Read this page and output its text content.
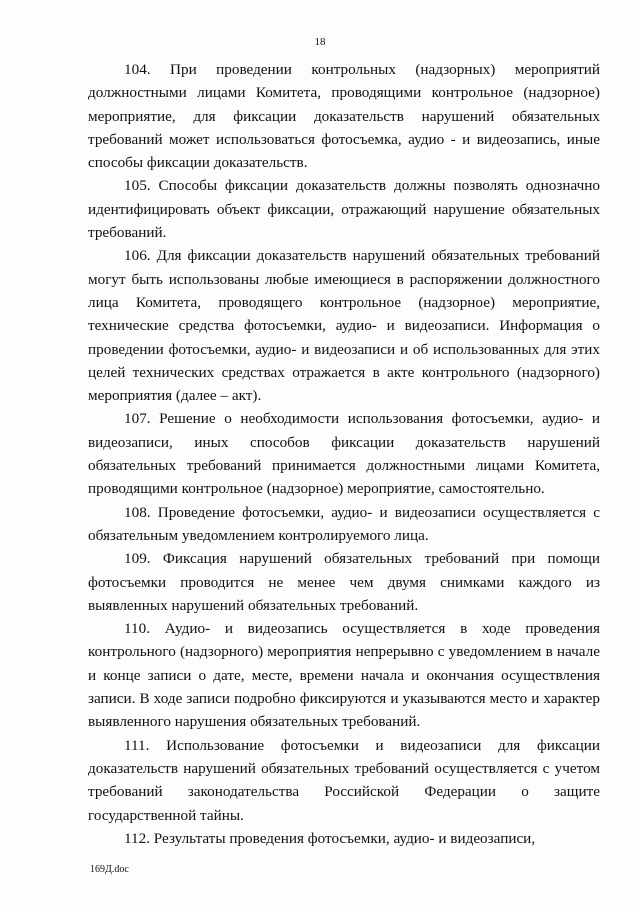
18

104. При проведении контрольных (надзорных) мероприятий должностными лицами Комитета, проводящими контрольное (надзорное) мероприятие, для фиксации доказательств нарушений обязательных требований может использоваться фотосъемка, аудио - и видеозапись, иные способы фиксации доказательств.

105. Способы фиксации доказательств должны позволять однозначно идентифицировать объект фиксации, отражающий нарушение обязательных требований.

106. Для фиксации доказательств нарушений обязательных требований могут быть использованы любые имеющиеся в распоряжении должностного лица Комитета, проводящего контрольное (надзорное) мероприятие, технические средства фотосъемки, аудио- и видеозаписи. Информация о проведении фотосъемки, аудио- и видеозаписи и об использованных для этих целей технических средствах отражается в акте контрольного (надзорного) мероприятия (далее – акт).

107. Решение о необходимости использования фотосъемки, аудио- и видеозаписи, иных способов фиксации доказательств нарушений обязательных требований принимается должностными лицами Комитета, проводящими контрольное (надзорное) мероприятие, самостоятельно.

108. Проведение фотосъемки, аудио- и видеозаписи осуществляется с обязательным уведомлением контролируемого лица.

109. Фиксация нарушений обязательных требований при помощи фотосъемки проводится не менее чем двумя снимками каждого из выявленных нарушений обязательных требований.

110. Аудио- и видеозапись осуществляется в ходе проведения контрольного (надзорного) мероприятия непрерывно с уведомлением в начале и конце записи о дате, месте, времени начала и окончания осуществления записи. В ходе записи подробно фиксируются и указываются место и характер выявленного нарушения обязательных требований.

111. Использование фотосъемки и видеозаписи для фиксации доказательств нарушений обязательных требований осуществляется с учетом требований законодательства Российской Федерации о защите государственной тайны.

112. Результаты проведения фотосъемки, аудио- и видеозаписи,

169Д.doc
